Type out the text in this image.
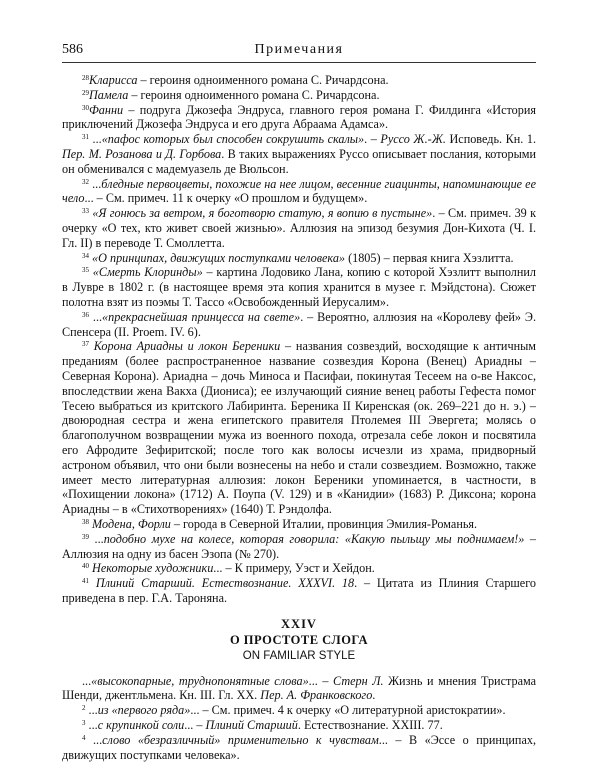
586	Примечания

$^{28}$Кларисса – героиня одноименного романа С. Ричардсона.

$^{29}$Памела – героиня одноименного романа С. Ричардсона.

$^{30}$Фанни – подруга Джозефа Эндруса, главного героя романа Г. Филдинга «История приключений Джозефа Эндруса и его друга Абраама Адамса».

$^{31}$ ...«пафос которых был способен сокрушить скалы». – Руссо Ж.-Ж. Исповедь. Кн. 1. Пер. М. Розанова и Д. Горбова. В таких выражениях Руссо описывает послания, которыми он обменивался с мадемуазель де Вюльсон.

$^{32}$ ...бледные первоцветы, похожие на нее лицом, весенние гиацинты, напоминающие ее чело... – См. примеч. 11 к очерку «О прошлом и будущем».

$^{33}$ «Я гонюсь за ветром, я боготворю статую, я вопию в пустыне». – См. примеч. 39 к очерку «О тех, кто живет своей жизнью». Аллюзия на эпизод безумия Дон-Кихота (Ч. I. Гл. II) в переводе Т. Смоллетта.

$^{34}$ «О принципах, движущих поступками человека» (1805) – первая книга Хэзлитта.

$^{35}$ «Смерть Клоринды» – картина Лодовико Лана, копию с которой Хэзлитт выполнил в Лувре в 1802 г. (в настоящее время эта копия хранится в музее г. Мэйдстона). Сюжет полотна взят из поэмы Т. Тассо «Освобожденный Иерусалим».

$^{36}$ ...«прекраснейшая принцесса на свете». – Вероятно, аллюзия на «Королеву фей» Э. Спенсера (II. Proem. IV. 6).

$^{37}$ Корона Ариадны и локон Береники – названия созвездий, восходящие к античным преданиям (более распространенное название созвездия Корона (Венец) Ариадны – Северная Корона). Ариадна – дочь Миноса и Пасифаи, покинутая Тесеем на о-ве Наксос, впоследствии жена Вакха (Диониса); ее излучающий сияние венец работы Гефеста помог Тесею выбраться из критского Лабиринта. Береника II Киренская (ок. 269–221 до н. э.) – двоюродная сестра и жена египетского правителя Птолемея III Эвергета; молясь о благополучном возвращении мужа из военного похода, отрезала себе локон и посвятила его Афродите Зефиритской; после того как волосы исчезли из храма, придворный астроном объявил, что они были вознесены на небо и стали созвездием. Возможно, также имеет место литературная аллюзия: локон Береники упоминается, в частности, в «Похищении локона» (1712) А. Поупа (V. 129) и в «Канидии» (1683) Р. Диксона; корона Ариадны – в «Стихотворениях» (1640) Т. Рэндолфа.

$^{38}$ Модена, Форли – города в Северной Италии, провинция Эмилия-Романья.

$^{39}$ ...подобно мухе на колесе, которая говорила: «Какую пыльщу мы поднимаем!» – Аллюзия на одну из басен Эзопа (№ 270).

$^{40}$ Некоторые художники... – К примеру, Уэст и Хейдон.

$^{41}$ Плиний Старший. Естествознание. XXXVI. 18. – Цитата из Плиния Старшего приведена в пер. Г.А. Тароняна.

XXIV
О ПРОСТОТЕ СЛОГА
ON FAMILIAR STYLE

...«высокопарные, труднопонятные слова»... – Стерн Л. Жизнь и мнения Тристрама Шенди, джентльмена. Кн. III. Гл. XX. Пер. А. Франковского.

$^2$ ...из «первого ряда»... – См. примеч. 4 к очерку «О литературной аристократии».

$^3$ ...с крупинкой соли... – Плиний Старший. Естествознание. XXIII. 77.

$^4$ ...слово «безразличный» применительно к чувствам... – В «Эссе о принципах, движущих поступками человека».
